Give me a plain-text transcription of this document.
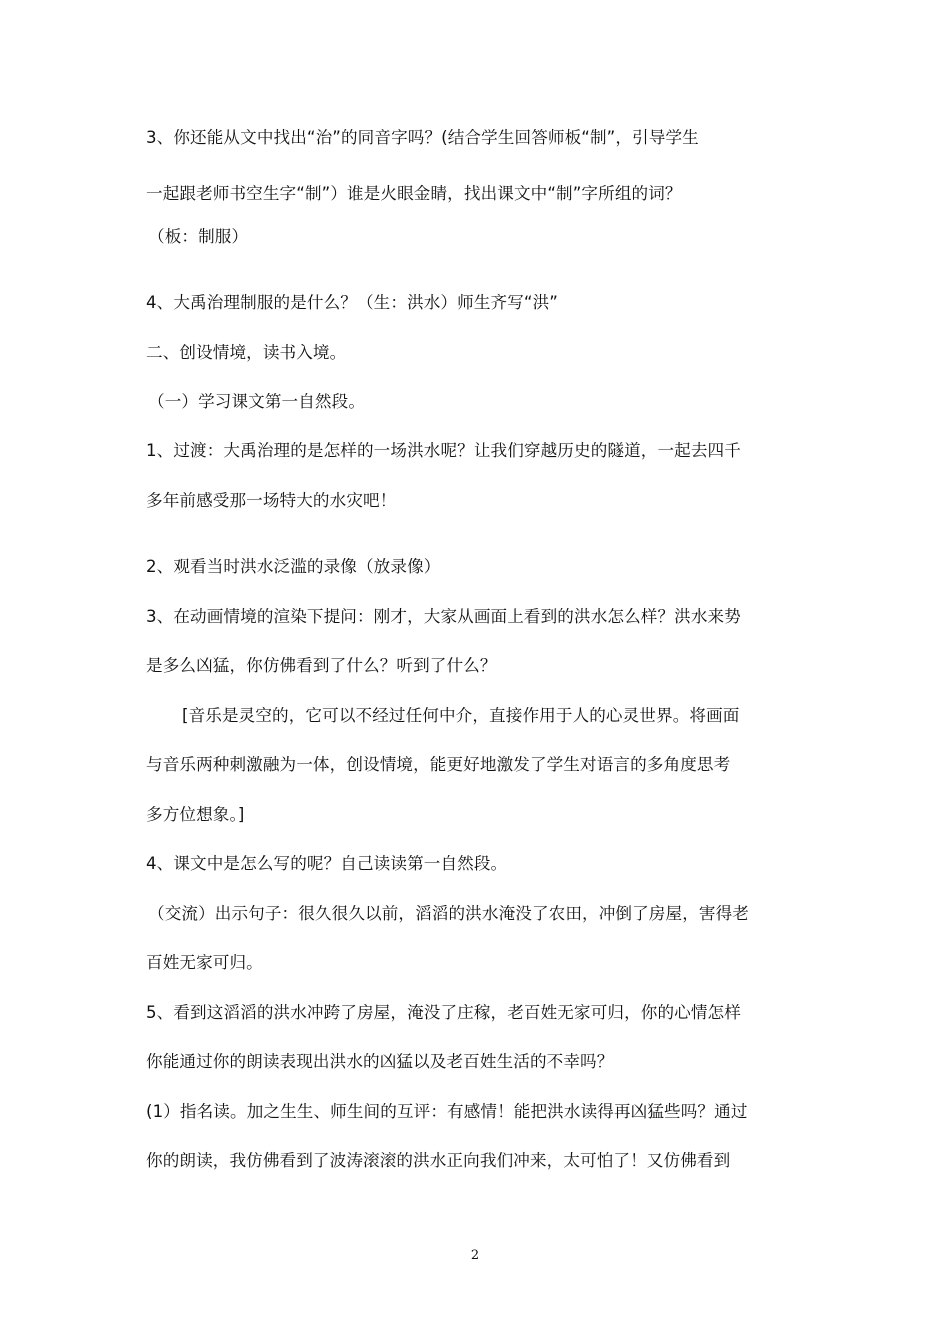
3、你还能从文中找出“治”的同音字吗？(结合学生回答师板“制”，引导学生
一起跟老师书空生字“制”）谁是火眼金睛，找出课文中“制”字所组的词？
（板：制服）
4、大禹治理制服的是什么？（生：洪水）师生齐写“洪”
二、创设情境，读书入境。
（一）学习课文第一自然段。
1、过渡：大禹治理的是怎样的一场洪水呢？让我们穿越历史的隧道，一起去四千
多年前感受那一场特大的水灾吧！
2、观看当时洪水泛滥的录像（放录像）
3、在动画情境的渲染下提问：刚才，大家从画面上看到的洪水怎么样？洪水来势
是多么凶猛，你仿佛看到了什么？听到了什么？
[音乐是灵空的，它可以不经过任何中介，直接作用于人的心灵世界。将画面
与音乐两种刺激融为一体，创设情境，能更好地激发了学生对语言的多角度思考
多方位想象。]
4、课文中是怎么写的呢？自己读读第一自然段。
（交流）出示句子：很久很久以前，滔滔的洪水淹没了农田，冲倒了房屋，害得老
百姓无家可归。
5、看到这滔滔的洪水冲跨了房屋，淹没了庄稼，老百姓无家可归，你的心情怎样
你能通过你的朗读表现出洪水的凶猛以及老百姓生活的不幸吗？
(1）指名读。加之生生、师生间的互评：有感情！能把洪水读得再凶猛些吗？通过
你的朗读，我仿佛看到了波涛滚滚的洪水正向我们冲来，太可怕了！又仿佛看到
2
